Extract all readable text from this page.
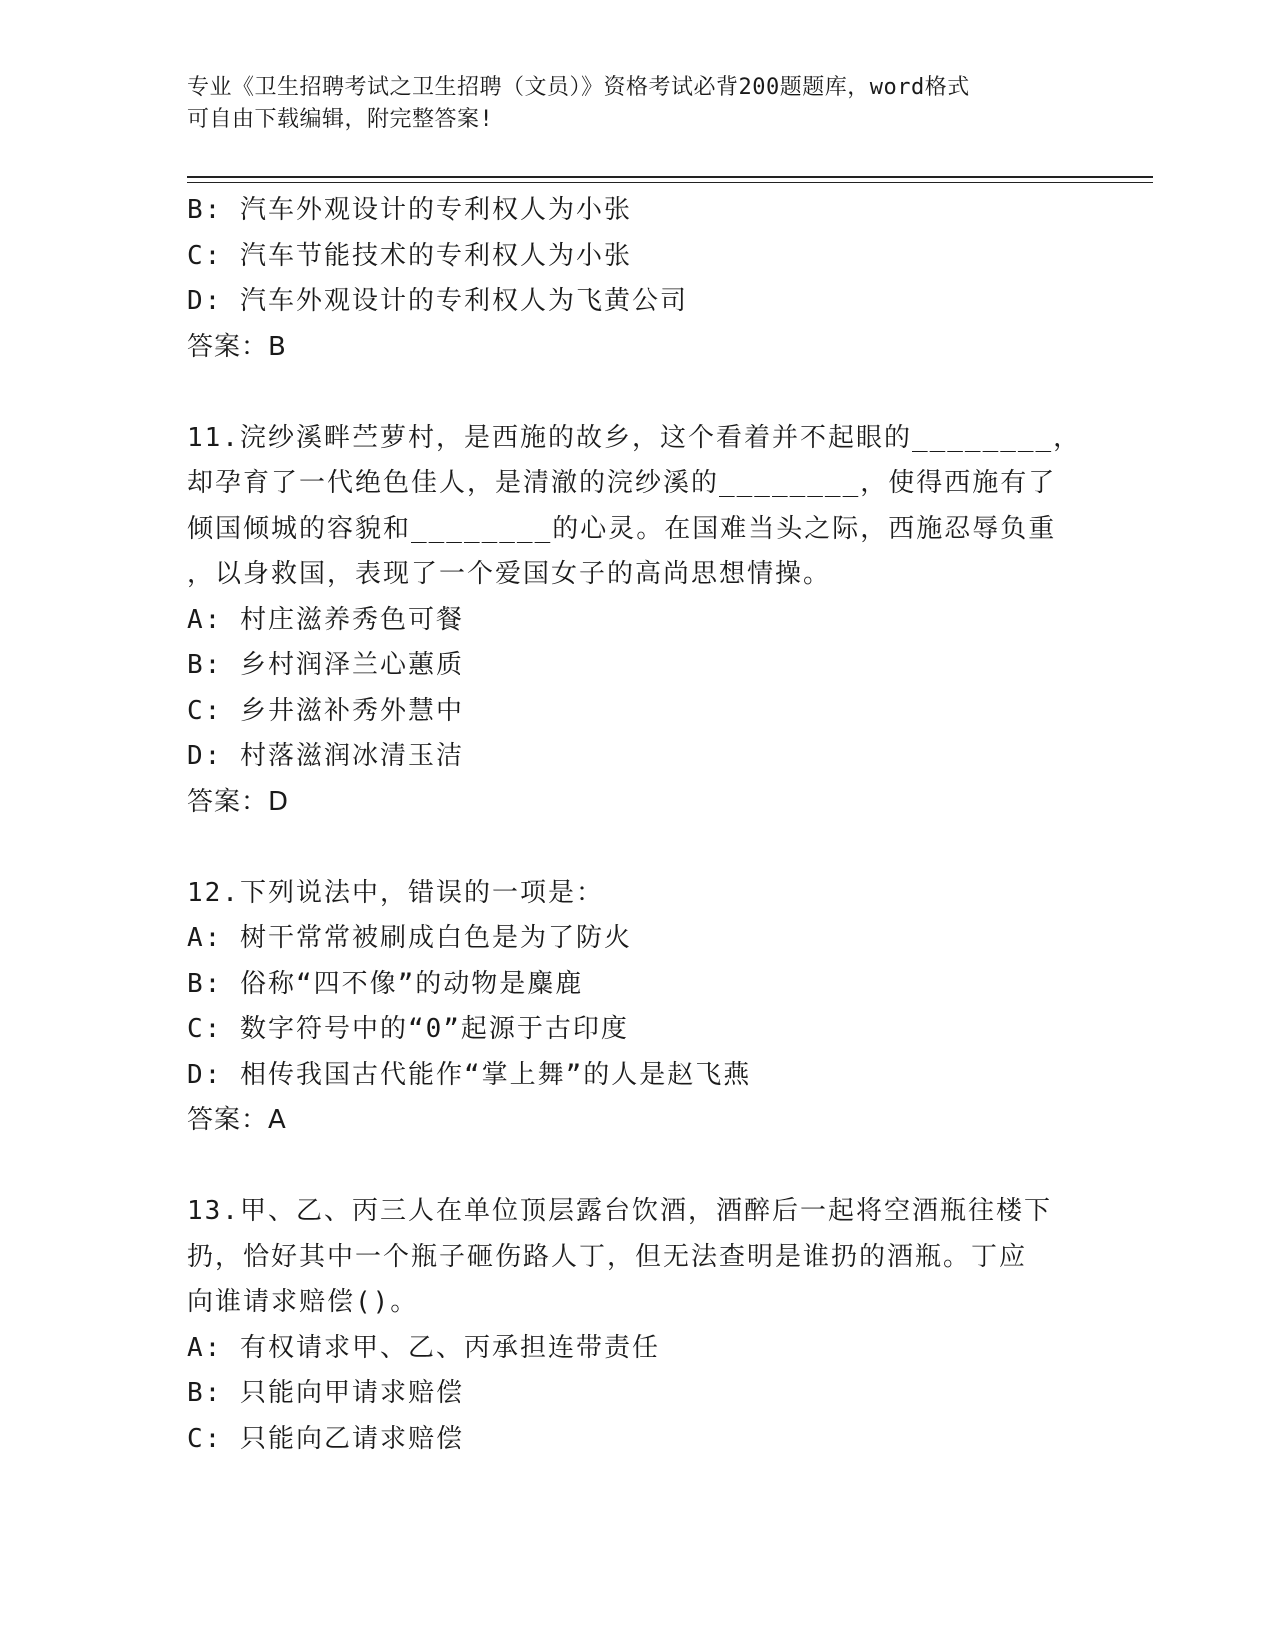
专业《卫生招聘考试之卫生招聘（文员）》资格考试必背200题题库，word格式
可自由下载编辑，附完整答案!
B: 汽车外观设计的专利权人为小张
C: 汽车节能技术的专利权人为小张
D: 汽车外观设计的专利权人为飞黄公司
答案：B
11.浣纱溪畔苎萝村，是西施的故乡，这个看着并不起眼的________，
却孕育了一代绝色佳人，是清澈的浣纱溪的________，使得西施有了
倾国倾城的容貌和________的心灵。在国难当头之际，西施忍辱负重
，以身救国，表现了一个爱国女子的高尚思想情操。
A: 村庄滋养秀色可餐
B: 乡村润泽兰心蕙质
C: 乡井滋补秀外慧中
D: 村落滋润冰清玉洁
答案：D
12.下列说法中，错误的一项是：
A: 树干常常被刷成白色是为了防火
B: 俗称“四不像”的动物是麋鹿
C: 数字符号中的“0”起源于古印度
D: 相传我国古代能作“掌上舞”的人是赵飞燕
答案：A
13.甲、乙、丙三人在单位顶层露台饮酒，酒醉后一起将空酒瓶往楼下
扔，恰好其中一个瓶子砸伤路人丁，但无法查明是谁扔的酒瓶。丁应
向谁请求赔偿()。
A: 有权请求甲、乙、丙承担连带责任
B: 只能向甲请求赔偿
C: 只能向乙请求赔偿
